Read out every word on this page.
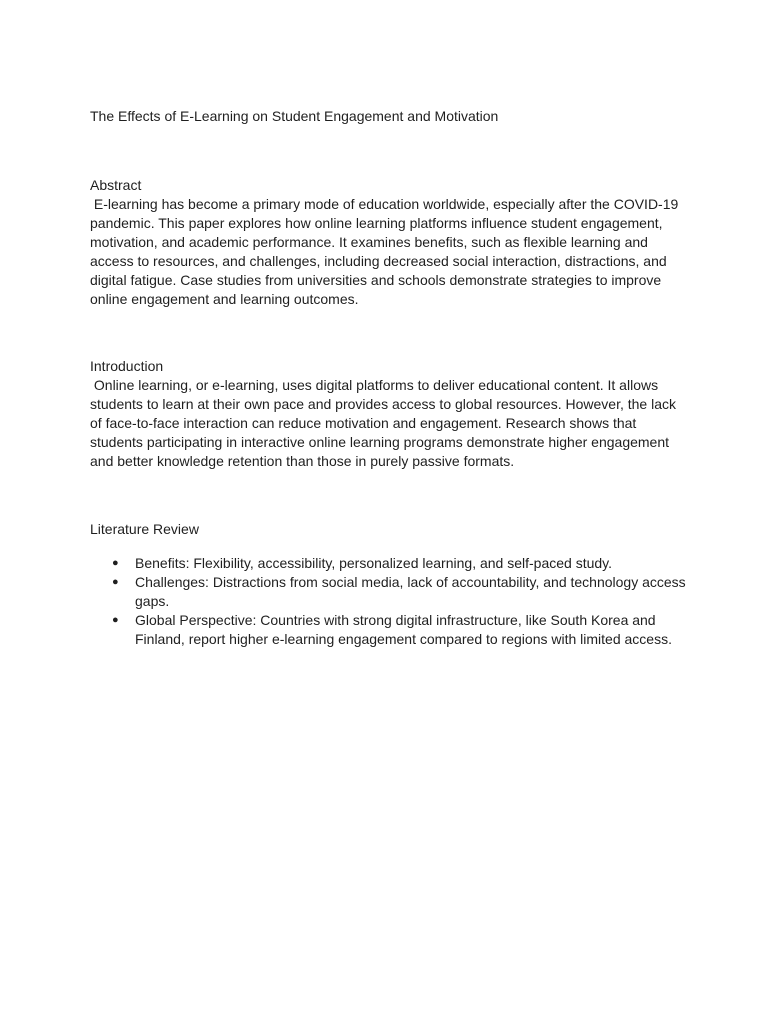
The Effects of E-Learning on Student Engagement and Motivation

Abstract

E-learning has become a primary mode of education worldwide, especially after the COVID-19 pandemic. This paper explores how online learning platforms influence student engagement, motivation, and academic performance. It examines benefits, such as flexible learning and access to resources, and challenges, including decreased social interaction, distractions, and digital fatigue. Case studies from universities and schools demonstrate strategies to improve online engagement and learning outcomes.

Introduction

Online learning, or e-learning, uses digital platforms to deliver educational content. It allows students to learn at their own pace and provides access to global resources. However, the lack of face-to-face interaction can reduce motivation and engagement. Research shows that students participating in interactive online learning programs demonstrate higher engagement and better knowledge retention than those in purely passive formats.

Literature Review

● Benefits: Flexibility, accessibility, personalized learning, and self-paced study.
● Challenges: Distractions from social media, lack of accountability, and technology access gaps.
● Global Perspective: Countries with strong digital infrastructure, like South Korea and Finland, report higher e-learning engagement compared to regions with limited access.
